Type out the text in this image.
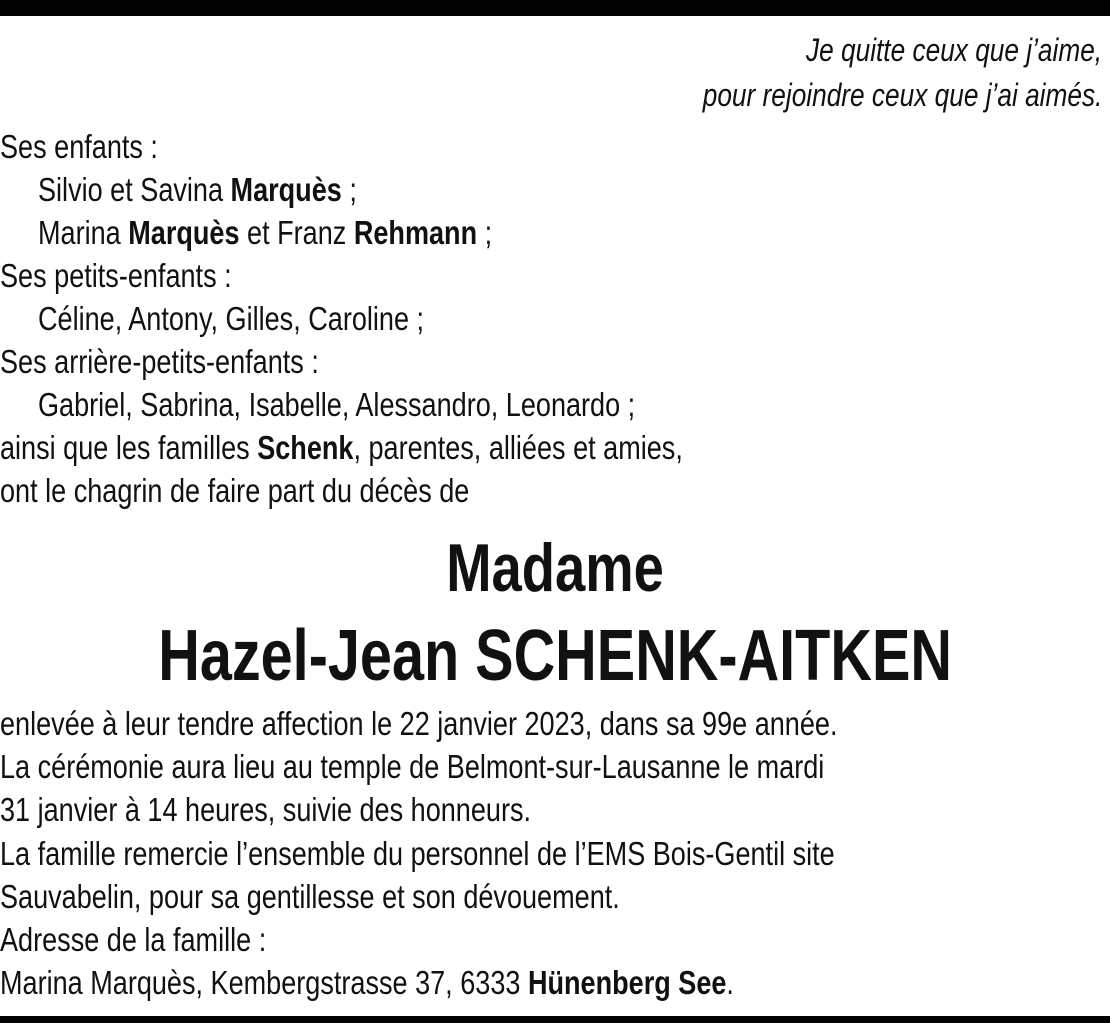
Je quitte ceux que j’aime,

pour rejoindre ceux que j’ai aimés.

Ses enfants :

Silvio et Savina Marquès ;

Marina Marquès et Franz Rehmann ;

Ses petits-enfants :

Céline, Antony, Gilles, Caroline ;

Ses arrière-petits-enfants :

Gabriel, Sabrina, Isabelle, Alessandro, Leonardo ;

ainsi que les familles Schenk, parentes, alliées et amies,

ont le chagrin de faire part du décès de

Madame

Hazel-Jean SCHENK-AITKEN

enlevée à leur tendre affection le 22 janvier 2023, dans sa 99e année.

La cérémonie aura lieu au temple de Belmont-sur-Lausanne le mardi

31 janvier à 14 heures, suivie des honneurs.

La famille remercie l’ensemble du personnel de l’EMS Bois-Gentil site

Sauvabelin, pour sa gentillesse et son dévouement.

Adresse de la famille :

Marina Marquès, Kembergstrasse 37, 6333 Hünenberg See.
